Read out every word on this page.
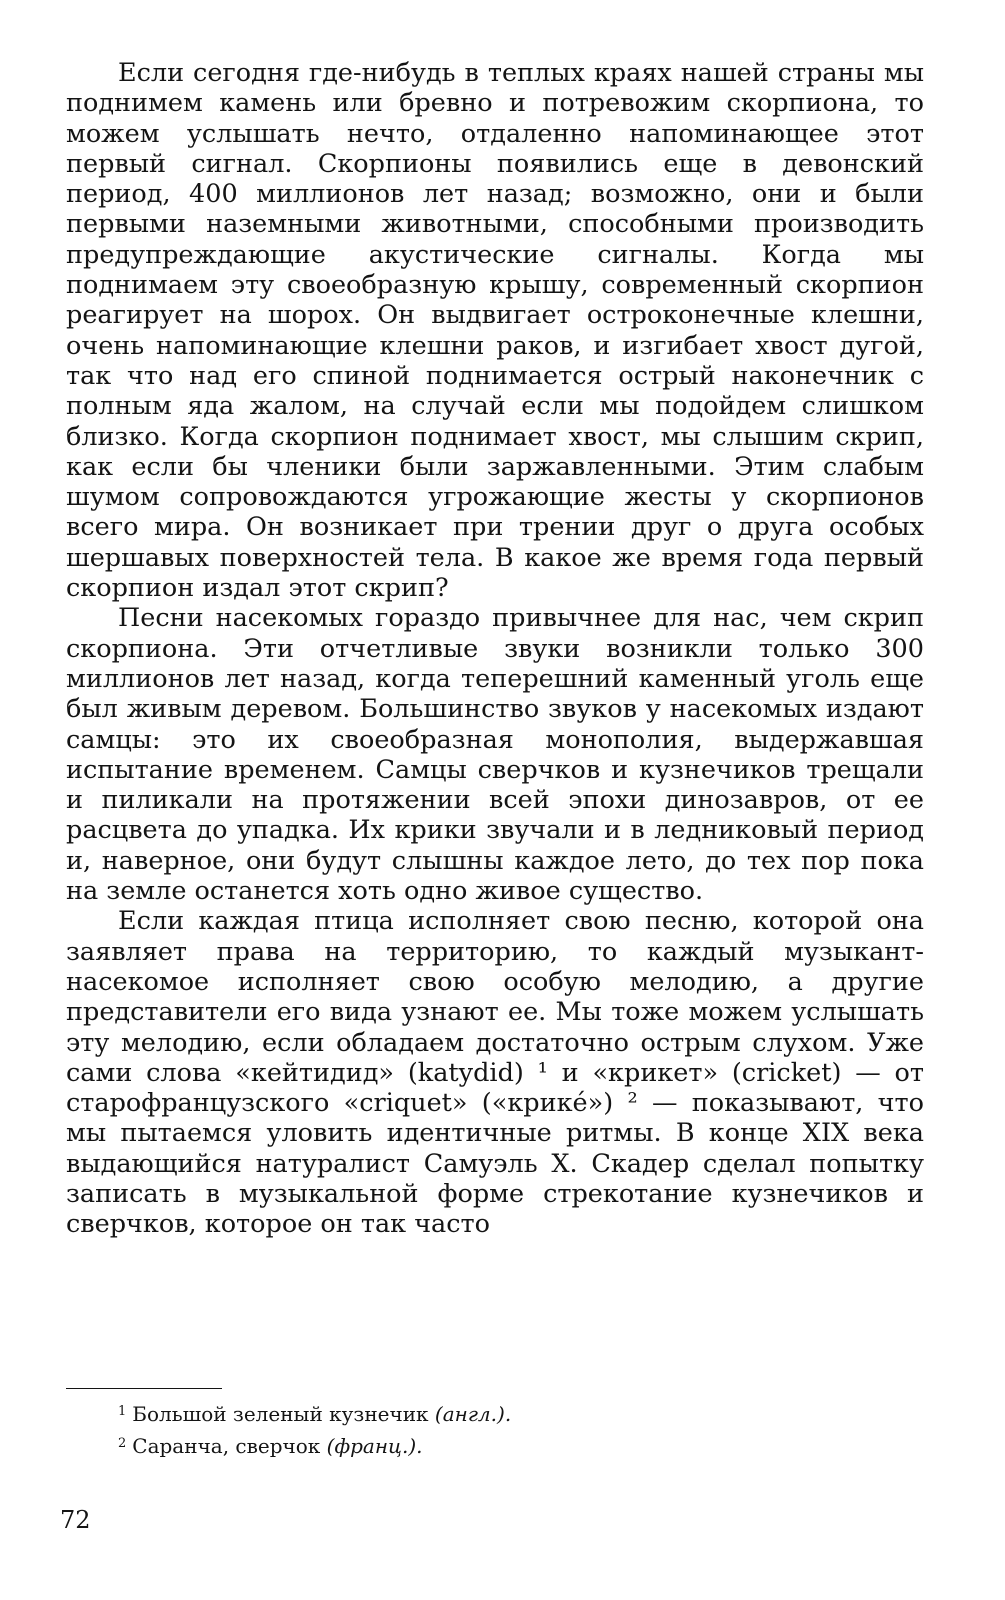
Если сегодня где-нибудь в теплых краях нашей страны мы поднимем камень или бревно и потревожим скорпиона, то можем услышать нечто, отдаленно напоминающее этот первый сигнал. Скорпионы появились еще в девонский период, 400 миллионов лет назад; возможно, они и были первыми наземными животными, способными производить предупреждающие акустические сигналы. Когда мы поднимаем эту своеобразную крышу, современный скорпион реагирует на шорох. Он выдвигает остроконечные клешни, очень напоминающие клешни раков, и изгибает хвост дугой, так что над его спиной поднимается острый наконечник с полным яда жалом, на случай если мы подойдем слишком близко. Когда скорпион поднимает хвост, мы слышим скрип, как если бы членики были заржавленными. Этим слабым шумом сопровождаются угрожающие жесты у скорпионов всего мира. Он возникает при трении друг о друга особых шершавых поверхностей тела. В какое же время года первый скорпион издал этот скрип?

Песни насекомых гораздо привычнее для нас, чем скрип скорпиона. Эти отчетливые звуки возникли только 300 миллионов лет назад, когда теперешний каменный уголь еще был живым деревом. Большинство звуков у насекомых издают самцы: это их своеобразная монополия, выдержавшая испытание временем. Самцы сверчков и кузнечиков трещали и пиликали на протяжении всей эпохи динозавров, от ее расцвета до упадка. Их крики звучали и в ледниковый период и, наверное, они будут слышны каждое лето, до тех пор пока на земле останется хоть одно живое существо.

Если каждая птица исполняет свою песню, которой она заявляет права на территорию, то каждый музыкант-насекомое исполняет свою особую мелодию, а другие представители его вида узнают ее. Мы тоже можем услышать эту мелодию, если обладаем достаточно острым слухом. Уже сами слова «кейтидид» (katydid) ¹ и «крикет» (cricket) — от старофранцузского «criquet» («крикé») ² — показывают, что мы пытаемся уловить идентичные ритмы. В конце XIX века выдающийся натуралист Самуэль Х. Скадер сделал попытку записать в музыкальной форме стрекотание кузнечиков и сверчков, которое он так часто

$^1$ Большой зеленый кузнечик (англ.).

$^2$ Саранча, сверчок (франц.).

72
